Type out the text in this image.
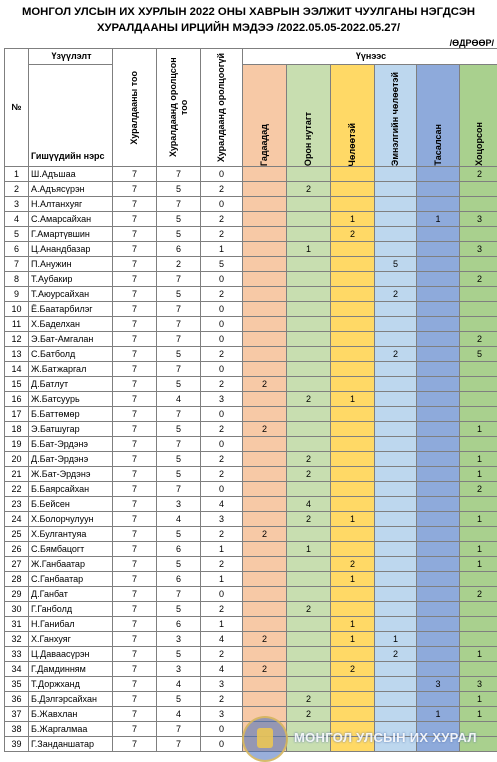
МОНГОЛ УЛСЫН ИХ ХУРЛЫН 2022 ОНЫ ХАВРЫН ЭЭЛЖИТ ЧУУЛГАНЫ НЭГДСЭН
ХУРАЛДААНЫ ИРЦИЙН МЭДЭЭ /2022.05.05-2022.05.27/
/ӨДРӨӨР/
№	Үзүүлэлт	Хуралдааны тоо	Хуралдаанд оролцсон тоо	Хуралдаанд оролцоогүй	Үүнээс					
	Гишүүдийн нэрс				Гадаадад	Орон нутагт	Чөлөөтэй	Эмнэлгийн чөлөөтэй	Тасалсан	Хоцорсон

1	Ш.Адъшаа	7	7	0						2
2	А.Адъясүрэн	7	5	2		2				
3	Н.Алтанхуяг	7	7	0						
4	С.Амарсайхан	7	5	2			1		1	3
5	Г.Амартүвшин	7	5	2			2			
6	Ц.Анандбазар	7	6	1		1				3
7	П.Анужин	7	2	5				5		
8	Т.Аубакир	7	7	0						2
9	Т.Аюурсайхан	7	5	2				2		
10	Ё.Баатарбилэг	7	7	0						
11	Х.Баделхан	7	7	0						
12	Э.Бат-Амгалан	7	7	0						2
13	С.Батболд	7	5	2				2		5
14	Ж.Батжаргал	7	7	0						
15	Д.Батлут	7	5	2	2					
16	Ж.Батсуурь	7	4	3		2	1			
17	Б.Баттөмөр	7	7	0						
18	Э.Батшугар	7	5	2	2					1
19	Б.Бат-Эрдэнэ	7	7	0						
20	Д.Бат-Эрдэнэ	7	5	2		2				1
21	Ж.Бат-Эрдэнэ	7	5	2		2				1
22	Б.Баярсайхан	7	7	0						2
23	Б.Бейсен	7	3	4		4				
24	Х.Болорчулуун	7	4	3		2	1			1
25	Х.Булгантуяа	7	5	2	2					
26	С.Бямбацогт	7	6	1		1				1
27	Ж.Ганбаатар	7	5	2			2			1
28	С.Ганбаатар	7	6	1			1			
29	Д.Ганбат	7	7	0						2
30	Г.Ганболд	7	5	2		2				
31	Н.Ганибал	7	6	1			1			
32	Х.Ганхуяг	7	3	4	2		1	1		
33	Ц.Даваасүрэн	7	5	2				2		1
34	Г.Дамдинням	7	3	4	2		2			
35	Т.Доржханд	7	4	3					3	3
36	Б.Дэлгэрсайхан	7	5	2		2				1
37	Б.Жавхлан	7	4	3		2			1	1
38	Б.Жаргалмаа	7	7	0						
39	Г.Занданшатар	7	7	0							МОНГОЛ УЛСЫН ИХ ХУРАЛ
